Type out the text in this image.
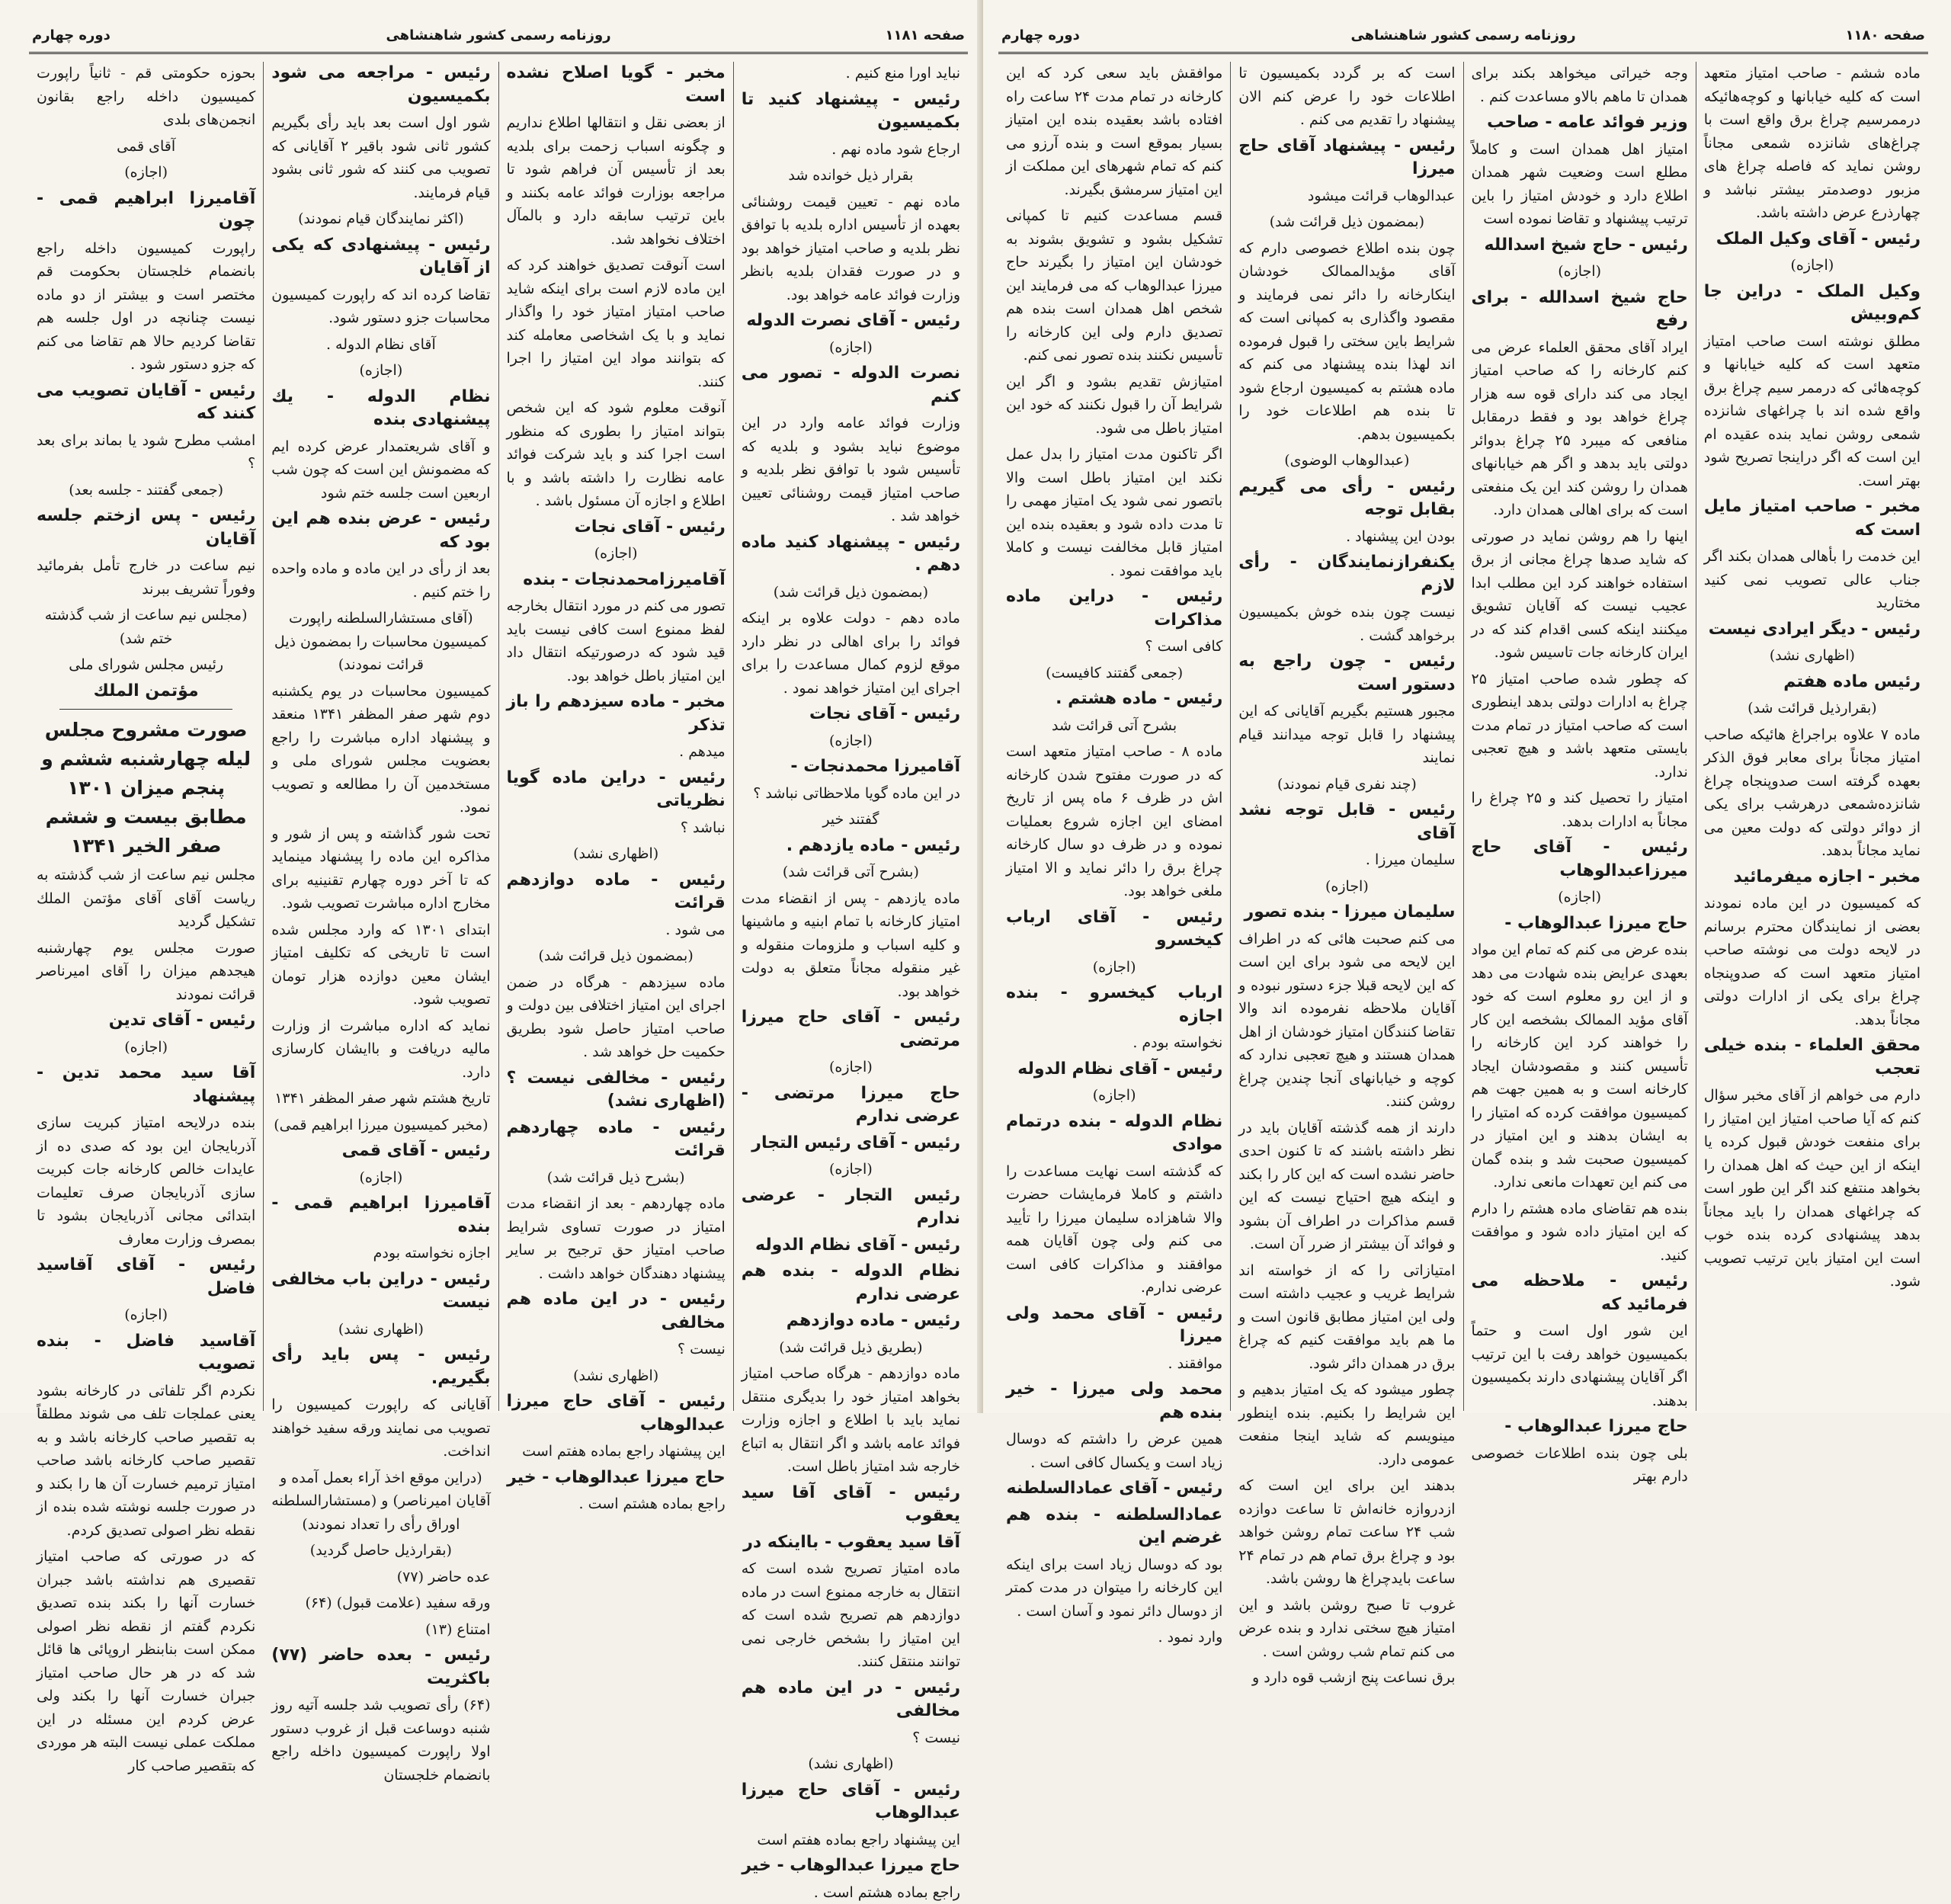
صفحه ۱۱۸۱
روزنامه رسمی کشور شاهنشاهی
دوره چهارم

نباید اورا منع کنیم .

رئیس - پیشنهاد کنید تا بکمیسیون

ارجاع شود ماده نهم .

بقرار ذیل خوانده شد

ماده نهم - تعیین قیمت روشنائی بعهده از تأسیس اداره بلدیه با توافق نظر بلدیه و صاحب امتیاز خواهد بود و در صورت فقدان بلدیه بانظر وزارت فوائد عامه خواهد بود.

رئیس - آقای نصرت الدوله

(اجازه)

نصرت الدوله - تصور می کنم

وزارت فوائد عامه وارد در این موضوع نباید بشود و بلدیه که تأسیس شود با توافق نظر بلدیه و صاحب امتیاز قیمت روشنائی تعیین خواهد شد .

رئیس - پیشنهاد کنید ماده دهم .

(بمضمون ذیل قرائت شد)

ماده دهم - دولت علاوه بر اینکه فوائد را برای اهالی در نظر دارد موقع لزوم کمال مساعدت را برای اجرای این امتیاز خواهد نمود .

رئیس - آقای نجات

(اجازه)

آقامیرزا محمدنجات -

در این ماده گویا ملاحظاتی نباشد ؟

گفتند خیر

رئیس - ماده یازدهم .

(بشرح آتی قرائت شد)

ماده یازدهم - پس از انقضاء مدت امتیاز کارخانه با تمام ابنیه و ماشینها و کلیه اسباب و ملزومات منقوله و غیر منقوله مجاناً متعلق به دولت خواهد بود.

رئیس - آقای حاج میرزا مرتضی

(اجازه)

حاج میرزا مرتضی - عرضی ندارم

رئیس - آقای رئیس التجار

(اجازه)

رئیس التجار - عرضی ندارم

رئیس - آقای نظام الدوله

نظام الدوله - بنده هم عرضی ندارم

رئیس - ماده دوازدهم

(بطریق ذیل قرائت شد)

ماده دوازدهم - هرگاه صاحب امتیاز بخواهد امتیاز خود را بدیگری منتقل نماید باید با اطلاع و اجازه وزارت فوائد عامه باشد و اگر انتقال به اتباع خارجه شد امتیاز باطل است.

رئیس - آقای آقا سید یعقوب

آقا سید یعقوب - بااینکه در

ماده امتیاز تصریح شده است که انتقال به خارجه ممنوع است در ماده دوازدهم هم تصریح شده است که این امتیاز را بشخص خارجی نمی توانند منتقل کنند.

رئیس - در این ماده هم مخالفی

نیست ؟

(اظهاری نشد)

رئیس - آقای حاج میرزا عبدالوهاب

این پیشنهاد راجع بماده هفتم است

حاج میرزا عبدالوهاب - خیر

راجع بماده هشتم است .

مخبر - گویا اصلاح نشده است

از بعضی نقل و انتقالها اطلاع نداریم و چگونه اسباب زحمت برای بلدیه بعد از تأسیس آن فراهم شود تا مراجعه بوزارت فوائد عامه بکنند و باین ترتیب سابقه دارد و بالمآل اختلاف نخواهد شد.

است آنوقت تصدیق خواهند کرد که این ماده لازم است برای اینکه شاید صاحب امتیاز امتیاز خود را واگذار نماید و با یک اشخاصی معامله کند که بتوانند مواد این امتیاز را اجرا کنند.

آنوقت معلوم شود که این شخص بتواند امتیاز را بطوری که منظور است اجرا کند و باید شرکت فوائد عامه نظارت را داشته باشد و با اطلاع و اجازه آن مسئول باشد .

رئیس - آقای نجات

(اجازه)

آقامیرزامحمدنجات - بنده

تصور می کنم در مورد انتقال بخارجه لفظ ممنوع است کافی نیست باید قید شود که درصورتیکه انتقال داد این امتیاز باطل خواهد بود.

مخبر - ماده سیزدهم را باز تذکر

میدهم .

رئیس - دراین ماده گویا نظریاتی

نباشد ؟

(اظهاری نشد)

رئیس - ماده دوازدهم قرائت

می شود .

(بمضمون ذیل قرائت شد)

ماده سیزدهم - هرگاه در ضمن اجرای این امتیاز اختلافی بین دولت و صاحب امتیاز حاصل شود بطریق حکمیت حل خواهد شد .

رئیس - مخالفی نیست ؟ (اظهاری نشد)

رئیس - ماده چهاردهم قرائت

(بشرح ذیل قرائت شد)

ماده چهاردهم - بعد از انقضاء مدت امتیاز در صورت تساوی شرایط صاحب امتیاز حق ترجیح بر سایر پیشنهاد دهندگان خواهد داشت .

رئیس - در این ماده هم مخالفی

نیست ؟

(اظهاری نشد)

رئیس - آقای حاج میرزا عبدالوهاب

این پیشنهاد راجع بماده هفتم است

حاج میرزا عبدالوهاب - خیر

راجع بماده هشتم است .

رئیس - مراجعه می شود بکمیسیون

شور اول است بعد باید رأی بگیریم کشور ثانی شود باقیر ۲ آقایانی که تصویب می کنند که شور ثانی بشود قیام فرمایند.

(اکثر نمایندگان قیام نمودند)

رئیس - پیشنهادی که یکی از آقایان

تقاضا کرده اند که راپورت کمیسیون محاسبات جزو دستور شود.

آقای نظام الدوله .

(اجازه)

نظام الدوله - یك پیشنهادی بنده

و آقای شریعتمدار عرض کرده ایم که مضمونش این است که چون شب اربعین است جلسه ختم شود

رئیس - عرض بنده هم این بود که

بعد از رأی در این ماده و ماده واحده را ختم کنیم .

(آقای مستشارالسلطنه راپورت کمیسیون محاسبات را بمضمون ذیل قرائت نمودند)

کمیسیون محاسبات در یوم یکشنبه دوم شهر صفر المظفر ۱۳۴۱ منعقد و پیشنهاد اداره مباشرت را راجع بعضویت مجلس شورای ملی و مستخدمین آن را مطالعه و تصویب نمود.

تحت شور گذاشته و پس از شور و مذاکره این ماده را پیشنهاد مینماید که تا آخر دوره چهارم تقنینیه برای مخارج اداره مباشرت تصویب شود.

ابتدای ۱۳۰۱ که وارد مجلس شده است تا تاریخی که تکلیف امتیاز ایشان معین دوازده هزار تومان تصویب شود.

نماید که اداره مباشرت از وزارت مالیه دریافت و باایشان کارسازی دارد.

تاریخ هشتم شهر صفر المظفر ۱۳۴۱

(مخبر کمیسیون میرزا ابراهیم قمی)

رئیس - آقای قمی

(اجازه)

آقامیرزا ابراهیم قمی - بنده

اجازه نخواسته بودم

رئیس - دراین باب مخالفی نیست

(اظهاری نشد)

رئیس - پس باید رأی بگیریم.

آقایانی که راپورت کمیسیون را تصویب می نمایند ورقه سفید خواهند انداخت.

(دراین موقع اخذ آراء بعمل آمده و آقایان امیرناصر) و (مستشارالسلطنه اوراق رأی را تعداد نمودند)

(بقرارذیل حاصل گردید)

عده حاضر (۷۷)

ورقه سفید (علامت قبول) (۶۴)

امتناع (۱۳)

رئیس - بعده حاضر (۷۷) باکثریت

(۶۴) رأی تصویب شد جلسه آتیه روز شنبه دوساعت قبل از غروب دستور اولا راپورت کمیسیون داخله راجع بانضمام خلجستان

بحوزه حکومتی قم - ثانیاً راپورت کمیسیون داخله راجع بقانون انجمن‌های بلدی

آقای قمی

(اجازه)

آقامیرزا ابراهیم قمی - چون

راپورت کمیسیون داخله راجع بانضمام خلجستان بحکومت قم مختصر است و بیشتر از دو ماده نیست چنانچه در اول جلسه هم تقاضا کردیم حالا هم تقاضا می کنم که جزو دستور شود .

رئیس - آقایان تصویب می کنند که

امشب مطرح شود یا بماند برای بعد ؟

(جمعی گفتند - جلسه بعد)

رئیس - پس ازختم جلسه آقایان

نیم ساعت در خارج تأمل بفرمائید وفوراً تشریف ببرند

(مجلس نیم ساعت از شب گذشته ختم شد)

رئیس مجلس شورای ملی

مؤتمن الملك

صورت مشروح مجلس لیله چهارشنبه ششم و پنجم میزان ۱۳۰۱ مطابق بیست و ششم صفر الخیر ۱۳۴۱

مجلس نیم ساعت از شب گذشته به ریاست آقای آقای مؤتمن الملك تشکیل گردید

صورت مجلس یوم چهارشنبه هیجدهم میزان را آقای امیرناصر قرائت نمودند

رئیس - آقای تدین

(اجازه)

آقا سید محمد تدین - پیشنهاد

بنده درلایحه امتیاز کبریت سازی آذربایجان این بود که صدی ده از عایدات خالص کارخانه جات کبریت سازی آذربایجان صرف تعلیمات ابتدائی مجانی آذربایجان بشود تا بمصرف وزارت معارف

رئیس - آقای آقاسید فاضل

(اجازه)

آقاسید فاضل - بنده تصویب

نکردم اگر تلفاتی در کارخانه بشود یعنی عملجات تلف می شوند مطلقاً به تقصیر صاحب کارخانه باشد و به تقصیر صاحب کارخانه باشد صاحب امتیاز ترمیم خسارت آن ها را بکند و در صورت جلسه نوشته شده بنده از نقطه نظر اصولی تصدیق کردم.

که در صورتی که صاحب امتیاز تقصیری هم نداشته باشد جبران خسارت آنها را بکند بنده تصدیق نکردم گفتم از نقطه نظر اصولی ممکن است بنابنظر اروپائی ها قائل شد که در هر حال صاحب امتیاز جبران خسارت آنها را بکند ولی عرض کردم این مسئله در این مملکت عملی نیست البته هر موردی که بتقصیر صاحب کار

صفحه ۱۱۸۰
روزنامه رسمی کشور شاهنشاهی
دوره چهارم

ماده ششم - صاحب امتیاز متعهد است که کلیه خیابانها و کوچه‌هائیکه درممرسیم چراغ برق واقع است با چراغ‌های شانزده شمعی مجاناً روشن نماید که فاصله چراغ های مزبور دوصدمتر بیشتر نباشد و چهارذرع عرض داشته باشد.

رئیس - آقای وکیل الملک

(اجازه)

وکیل الملک - دراین جا کم‌وبیش

مطلق نوشته است صاحب امتیاز متعهد است که کلیه خیابانها و کوچه‌هائی که درممر سیم چراغ برق واقع شده اند با چراغهای شانزده شمعی روشن نماید بنده عقیده ام این است که اگر دراینجا تصریح شود بهتر است.

مخبر - صاحب امتیاز مایل است که

این خدمت را بأهالی همدان بکند اگر جناب عالی تصویب نمی کنید مختارید

رئیس - دیگر ایرادی نیست

(اظهاری نشد)

رئیس ماده هفتم

(بقرارذیل قرائت شد)

ماده ۷ علاوه براجراغ هائیکه صاحب امتیاز مجاناً برای معابر فوق الذکر بعهده گرفته است صدوپنجاه چراغ شانزده‌شمعی درهرشب برای یکی از دوائر دولتی که دولت معین می نماید مجاناً بدهد.

مخبر - اجازه میفرمائید

که کمیسیون در این ماده نمودند بعضی از نمایندگان محترم برسانم در لایحه دولت می نوشته صاحب امتیاز متعهد است که صدوپنجاه چراغ برای یکی از ادارات دولتی مجاناً بدهد.

محقق العلماء - بنده خیلی تعجب

دارم می خواهم از آقای مخبر سؤال کنم که آیا صاحب امتیاز این امتیاز را برای منفعت خودش قبول کرده یا اینکه از این حیث که اهل همدان را بخواهد منتفع کند اگر این طور است که چراغهای همدان را باید مجاناً بدهد پیشنهادی کرده بنده خوب است این امتیاز باین ترتیب تصویب شود.

وجه خیراتی میخواهد بکند برای همدان تا ماهم بالاو مساعدت کنم .

وزیر فوائد عامه - صاحب

امتیاز اهل همدان است و کاملاً مطلع است وضعیت شهر همدان اطلاع دارد و خودش امتیاز را باین ترتیب پیشنهاد و تقاضا نموده است

رئیس - حاج شیخ اسدالله

(اجازه)

حاج شیخ اسدالله - برای رفع

ایراد آقای محقق العلماء عرض می کنم کارخانه را که صاحب امتیاز ایجاد می کند دارای قوه سه هزار چراغ خواهد بود و فقط درمقابل منافعی که میبرد ۲۵ چراغ بدوائر دولتی باید بدهد و اگر هم خیابانهای همدان را روشن کند این یک منفعتی است که برای اهالی همدان دارد.

اینها را هم روشن نماید در صورتی که شاید صدها چراغ مجانی از برق استفاده خواهند کرد این مطلب ابدا عجیب نیست که آقایان تشویق میکنند اینکه کسی اقدام کند که در ایران کارخانه جات تاسیس شود.

که چطور شده صاحب امتیاز ۲۵ چراغ به ادارات دولتی بدهد اینطوری است که صاحب امتیاز در تمام مدت بایستی متعهد باشد و هیچ تعجبی ندارد.

امتیاز را تحصیل کند و ۲۵ چراغ را مجاناً به ادارات بدهد.

رئیس - آقای حاج میرزاعبدالوهاب

(اجازه)

حاج میرزا عبدالوهاب -

بنده عرض می کنم که تمام این مواد بعهدی عرایض بنده شهادت می دهد و از این رو معلوم است که خود آقای مؤید الممالک بشخصه این کار را خواهند کرد این کارخانه را تأسیس کنند و مقصودشان ایجاد کارخانه است و به همین جهت هم کمیسیون موافقت کرده که امتیاز را به ایشان بدهند و این امتیاز در کمیسیون صحبت شد و بنده گمان می کنم این تعهدات مانعی ندارد.

بنده هم تقاضای ماده هشتم را دارم که این امتیاز داده شود و موافقت کنید.

رئیس - ملاحظه می فرمائید که

این شور اول است و حتماً بکمیسیون خواهد رفت با این ترتیب اگر آقایان پیشنهادی دارند بکمیسیون بدهند.

حاج میرزا عبدالوهاب -

بلی چون بنده اطلاعات خصوصی دارم بهتر

است که بر گردد بکمیسیون تا اطلاعات خود را عرض کنم الان پیشنهاد را تقدیم می کنم .

رئیس - پیشنهاد آقای حاج میرزا

عبدالوهاب قرائت میشود

(بمضمون ذیل قرائت شد)

چون بنده اطلاع خصوصی دارم که آقای مؤیدالممالک خودشان اینکارخانه را دائر نمی فرمایند و مقصود واگذاری به کمپانی است که شرایط باین سختی را قبول فرموده اند لهذا بنده پیشنهاد می کنم که ماده هشتم به کمیسیون ارجاع شود تا بنده هم اطلاعات خود را بکمیسیون بدهم.

(عبدالوهاب الوضوی)

رئیس - رأی می گیریم بقابل توجه

بودن این پیشنهاد .

یکنفرازنمایندگان - رأی لازم

نیست چون بنده خوش بکمیسیون برخواهد گشت .

رئیس - چون راجع به دستور است

مجبور هستیم بگیریم آقایانی که این پیشنهاد را قابل توجه میدانند قیام نمایند

(چند نفری قیام نمودند)

رئیس - قابل توجه نشد آقای

سلیمان میرزا .

(اجازه)

سلیمان میرزا - بنده تصور

می کنم صحبت هائی که در اطراف این لایحه می شود برای این است که این لایحه قبلا جزء دستور نبوده و آقایان ملاحظه نفرموده اند والا تقاضا کنندگان امتیاز خودشان از اهل همدان هستند و هیچ تعجبی ندارد که کوچه و خیابانهای آنجا چندین چراغ روشن کنند.

دارند از همه گذشته آقایان باید در نظر داشته باشند که تا کنون احدی حاضر نشده است که این کار را بکند و اینکه هیچ احتیاج نیست که این قسم مذاکرات در اطراف آن بشود و فوائد آن بیشتر از ضرر آن است.

امتیازاتی را که از خواسته اند شرایط غریب و عجیب داشته است ولی این امتیاز مطابق قانون است و ما هم باید موافقت کنیم که چراغ برق در همدان دائر شود.

چطور میشود که یک امتیاز بدهیم و این شرایط را بکنیم. بنده اینطور مینویسم که شاید اینجا منفعت عمومی دارد.

بدهند این برای این است که ازدروازه خانه‌اش تا ساعت دوازده شب ۲۴ ساعت تمام روشن خواهد بود و چراغ برق تمام هم در تمام ۲۴ ساعت بایدچراغ ها روشن باشد.

غروب تا صبح روشن باشد و این امتیاز هیچ سختی ندارد و بنده عرض می کنم تمام شب روشن است .

برق نساعت پنج ازشب قوه دارد و

موافقش باید سعی کرد که این کارخانه در تمام مدت ۲۴ ساعت راه افتاده باشد بعقیده بنده این امتیاز بسیار بموقع است و بنده آرزو می کنم که تمام شهرهای این مملکت از این امتیاز سرمشق بگیرند.

قسم مساعدت کنیم تا کمپانی تشکیل بشود و تشویق بشوند به خودشان این امتیاز را بگیرند حاج میرزا عبدالوهاب که می فرمایند این شخص اهل همدان است بنده هم تصدیق دارم ولی این کارخانه را تأسیس نکنند بنده تصور نمی کنم.

امتیازش تقدیم بشود و اگر این شرایط آن را قبول نکنند که خود این امتیاز باطل می شود.

اگر تاکنون مدت امتیاز را بدل عمل نکند این امتیاز باطل است والا باتصور نمی شود یک امتیاز مهمی را تا مدت داده شود و بعقیده بنده این امتیاز قابل مخالفت نیست و کاملا باید موافقت نمود .

رئیس - دراین ماده مذاکرات

کافی است ؟

(جمعی گفتند کافیست)

رئیس - ماده هشتم .

بشرح آتی قرائت شد

ماده ۸ - صاحب امتیاز متعهد است که در صورت مفتوح شدن کارخانه اش در ظرف ۶ ماه پس از تاریخ امضای این اجازه شروع بعملیات نموده و در ظرف دو سال کارخانه چراغ برق را دائر نماید و الا امتیاز ملغی خواهد بود.

رئیس - آقای ارباب کیخسرو

(اجازه)

ارباب کیخسرو - بنده اجازه

نخواسته بودم .

رئیس - آقای نظام الدوله

(اجازه)

نظام الدوله - بنده درتمام موادی

که گذشته است نهایت مساعدت را داشتم و کاملا فرمایشات حضرت والا شاهزاده سلیمان میرزا را تأیید می کنم ولی چون آقایان همه موافقند و مذاکرات کافی است عرضی ندارم.

رئیس - آقای محمد ولی میرزا

موافقند .

محمد ولی میرزا - خیر بنده هم

همین عرض را داشتم که دوسال زیاد است و یکسال کافی است .

رئیس - آقای عمادالسلطنه

عمادالسلطنه - بنده هم غرضم این

بود که دوسال زیاد است برای اینکه این کارخانه را میتوان در مدت کمتر از دوسال دائر نمود و آسان است .

وارد نمود .
